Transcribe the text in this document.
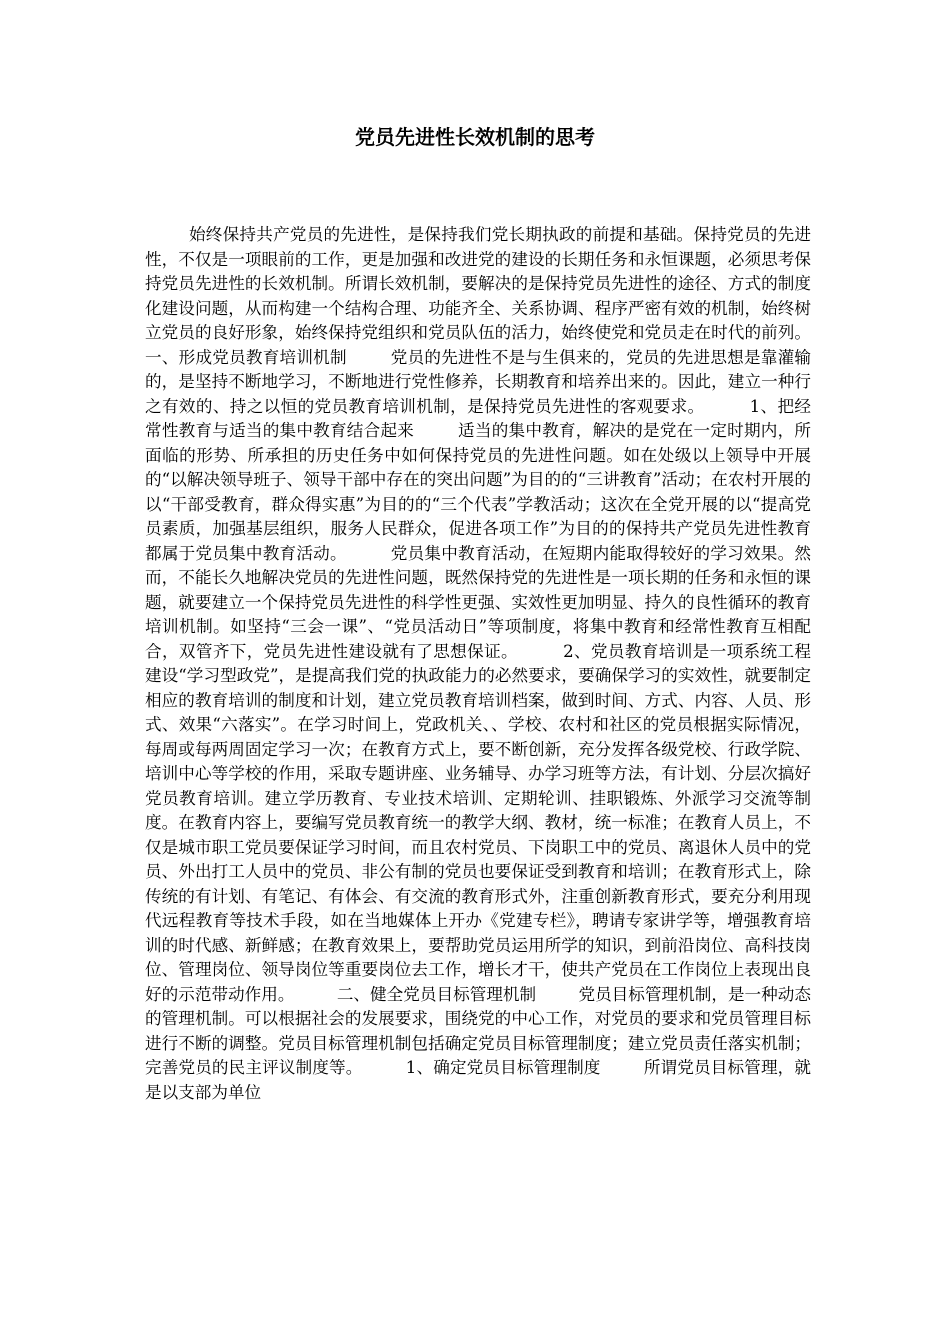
党员先进性长效机制的思考

始终保持共产党员的先进性，是保持我们党长期执政的前提和基础。保持党员的先进性，不仅是一项眼前的工作，更是加强和改进党的建设的长期任务和永恒课题，必须思考保持党员先进性的长效机制。所谓长效机制，要解决的是保持党员先进性的途径、方式的制度化建设问题，从而构建一个结构合理、功能齐全、关系协调、程序严密有效的机制，始终树立党员的良好形象，始终保持党组织和党员队伍的活力，始终使党和党员走在时代的前列。            一、形成党员教育培训机制        党员的先进性不是与生俱来的，党员的先进思想是靠灌输的，是坚持不断地学习，不断地进行党性修养，长期教育和培养出来的。因此，建立一种行之有效的、持之以恒的党员教育培训机制，是保持党员先进性的客观要求。        1、把经常性教育与适当的集中教育结合起来        适当的集中教育，解决的是党在一定时期内，所面临的形势、所承担的历史任务中如何保持党员的先进性问题。如在处级以上领导中开展的“以解决领导班子、领导干部中存在的突出问题”为目的的“三讲教育”活动；在农村开展的以“干部受教育，群众得实惠”为目的的“三个代表”学教活动；这次在全党开展的以“提高党员素质，加强基层组织，服务人民群众，促进各项工作”为目的的保持共产党员先进性教育都属于党员集中教育活动。        党员集中教育活动，在短期内能取得较好的学习效果。然而，不能长久地解决党员的先进性问题，既然保持党的先进性是一项长期的任务和永恒的课题，就要建立一个保持党员先进性的科学性更强、实效性更加明显、持久的良性循环的教育培训机制。如坚持“三会一课”、“党员活动日”等项制度，将集中教育和经常性教育互相配合，双管齐下，党员先进性建设就有了思想保证。        2、党员教育培训是一项系统工程        建设“学习型政党”，是提高我们党的执政能力的必然要求，要确保学习的实效性，就要制定相应的教育培训的制度和计划，建立党员教育培训档案，做到时间、方式、内容、人员、形式、效果“六落实”。在学习时间上，党政机关、、学校、农村和社区的党员根据实际情况，每周或每两周固定学习一次；在教育方式上，要不断创新，充分发挥各级党校、行政学院、培训中心等学校的作用，采取专题讲座、业务辅导、办学习班等方法，有计划、分层次搞好党员教育培训。建立学历教育、专业技术培训、定期轮训、挂职锻炼、外派学习交流等制度。在教育内容上，要编写党员教育统一的教学大纲、教材，统一标准；在教育人员上，不仅是城市职工党员要保证学习时间，而且农村党员、下岗职工中的党员、离退休人员中的党员、外出打工人员中的党员、非公有制的党员也要保证受到教育和培训；在教育形式上，除传统的有计划、有笔记、有体会、有交流的教育形式外，注重创新教育形式，要充分利用现代远程教育等技术手段，如在当地媒体上开办《党建专栏》，聘请专家讲学等，增强教育培训的时代感、新鲜感；在教育效果上，要帮助党员运用所学的知识，到前沿岗位、高科技岗位、管理岗位、领导岗位等重要岗位去工作，增长才干，使共产党员在工作岗位上表现出良好的示范带动作用。        二、健全党员目标管理机制        党员目标管理机制，是一种动态的管理机制。可以根据社会的发展要求，围绕党的中心工作，对党员的要求和党员管理目标进行不断的调整。党员目标管理机制包括确定党员目标管理制度；建立党员责任落实机制；完善党员的民主评议制度等。        1、确定党员目标管理制度        所谓党员目标管理，就是以支部为单位
